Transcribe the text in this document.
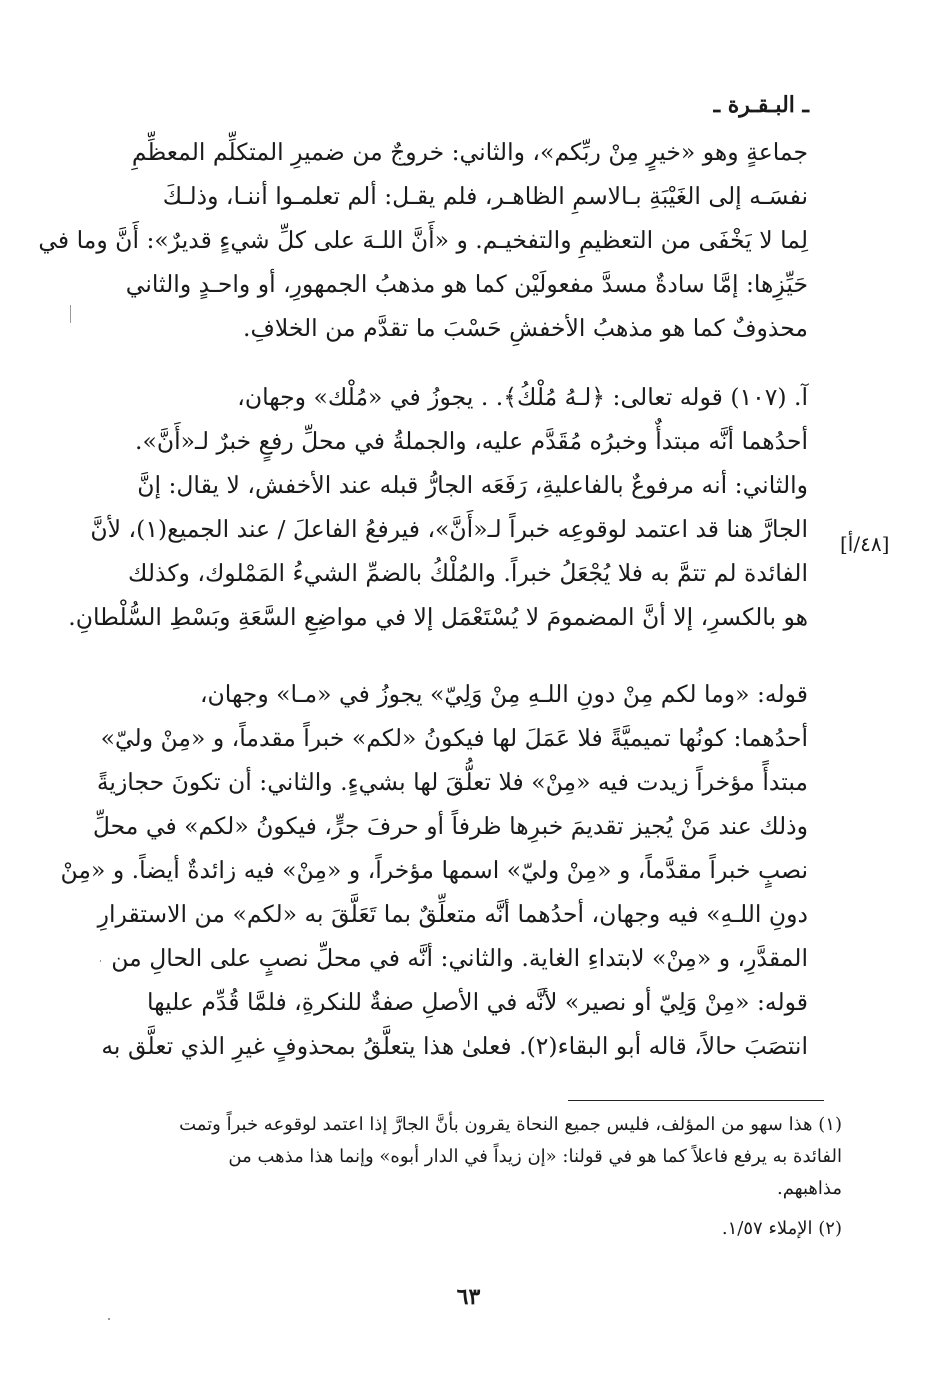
ـ البـقـرة ـ
جماعةٍ وهو «خيرٍ مِنْ ربِّكم»، والثاني: خروجٌ من ضميرِ المتكلِّم المعظِّمِ
نفسَـه إلى الغَيْبَةِ بـالاسمِ الظاهـر، فلم يقـل: ألم تعلمـوا أننـا، وذلـكَ
لِما لا يَخْفَى من التعظيمِ والتفخيـم. و «أَنَّ اللـهَ على كلِّ شيءٍ قديرٌ»: أَنَّ وما في
حَيِّزِها: إمَّا سادةٌ مسدَّ مفعولَيْن كما هو مذهبُ الجمهورِ، أو واحـدٍ والثاني
محذوفٌ كما هو مذهبُ الأخفشِ حَسْبَ ما تقدَّم من الخلافِ.
آ. (١٠٧) قوله تعالى: ﴿لـهُ مُلْكُ﴾. . يجوزُ في «مُلْك» وجهان،
أحدُهما أنَّه مبتدأٌ وخبرُه مُقَدَّم عليه، والجملةُ في محلِّ رفعٍ خبرٌ لـ«أَنَّ».
والثاني: أنه مرفوعٌ بالفاعليةِ، رَفَعَه الجارُّ قبله عند الأخفش، لا يقال: إنَّ
الجارَّ هنا قد اعتمد لوقوعِه خبراً لـ«أَنَّ»، فيرفعُ الفاعلَ / عند الجميع(١)، لأنَّ
الفائدة لم تتمَّ به فلا يُجْعَلُ خبراً. والمُلْكُ بالضمِّ الشيءُ المَمْلوك، وكذلك
هو بالكسرِ، إلا أنَّ المضمومَ لا يُسْتَعْمَل إلا في مواضِعِ السَّعَةِ وبَسْطِ السُّلْطانِ.
[٤٨/أ]
قوله: «وما لكم مِنْ دونِ اللـهِ مِنْ وَلِيّ» يجوزُ في «مـا» وجهان،
أحدُهما: كونُها تميميَّةً فلا عَمَلَ لها فيكونُ «لكم» خبراً مقدماً، و «مِنْ وليّ»
مبتدأً مؤخراً زيدت فيه «مِنْ» فلا تعلُّقَ لها بشيءٍ. والثاني: أن تكونَ حجازيةً
وذلك عند مَنْ يُجيز تقديمَ خبرِها ظرفاً أو حرفَ جرٍّ، فيكونُ «لكم» في محلِّ
نصبٍ خبراً مقدَّماً، و «مِنْ وليّ» اسمها مؤخراً، و «مِنْ» فيه زائدةٌ أيضاً. و «مِنْ
دونِ اللـهِ» فيه وجهان، أحدُهما أنَّه متعلِّقٌ بما تَعَلَّقَ به «لكم» من الاستقرارِ
المقدَّرِ، و «مِنْ» لابتداءِ الغاية. والثاني: أنَّه في محلِّ نصبٍ على الحالِ من
قوله: «مِنْ وَلِيّ أو نصير» لأنَّه في الأصلِ صفةٌ للنكرةِ، فلمَّا قُدِّم عليها
انتصَبَ حالاً، قاله أبو البقاء(٢). فعلىٰ هذا يتعلَّقُ بمحذوفٍ غيرِ الذي تعلَّق به
(١) هذا سهو من المؤلف، فليس جميع النحاة يقرون بأنَّ الجارَّ إذا اعتمد لوقوعه خبراً وتمت
الفائدة به يرفع فاعلاً كما هو في قولنا: «إن زيداً في الدار أبوه» وإنما هذا مذهب من
مذاهبهم.
(٢) الإملاء ١/٥٧.
٦٣
